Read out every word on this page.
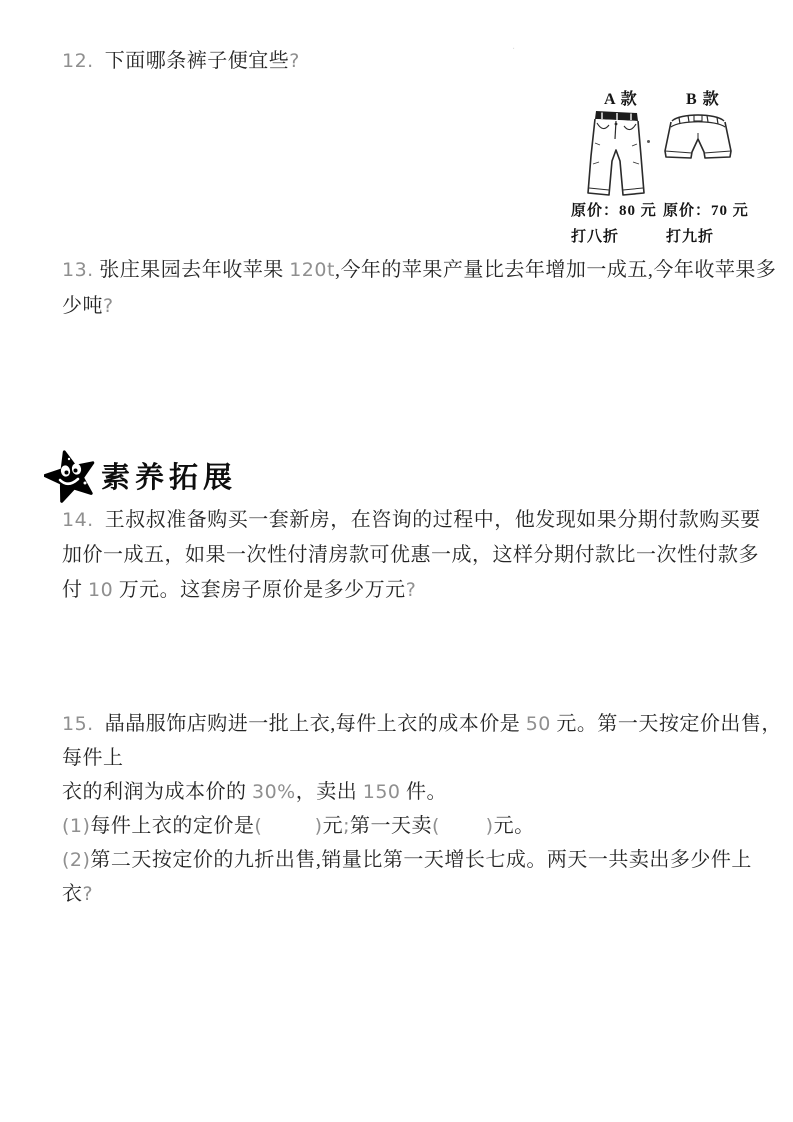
12.  下面哪条裤子便宜些?
A 款	B 款
原价：80 元 原价：70 元
打八折	打九折
·
13. 张庄果园去年收苹果 120t,今年的苹果产量比去年增加一成五,今年收苹果多
少吨?
素养拓展
14.  王叔叔准备购买一套新房，在咨询的过程中，他发现如果分期付款购买要
加价一成五，如果一次性付清房款可优惠一成，这样分期付款比一次性付款多
付 10 万元。这套房子原价是多少万元?
15.  晶晶服饰店购进一批上衣,每件上衣的成本价是 50 元。第一天按定价出售，
每件上
衣的利润为成本价的 30%，卖出 150 件。
(1)每件上衣的定价是(        )元;第一天卖(       )元。
(2)第二天按定价的九折出售,销量比第一天增长七成。两天一共卖出多少件上
衣?
